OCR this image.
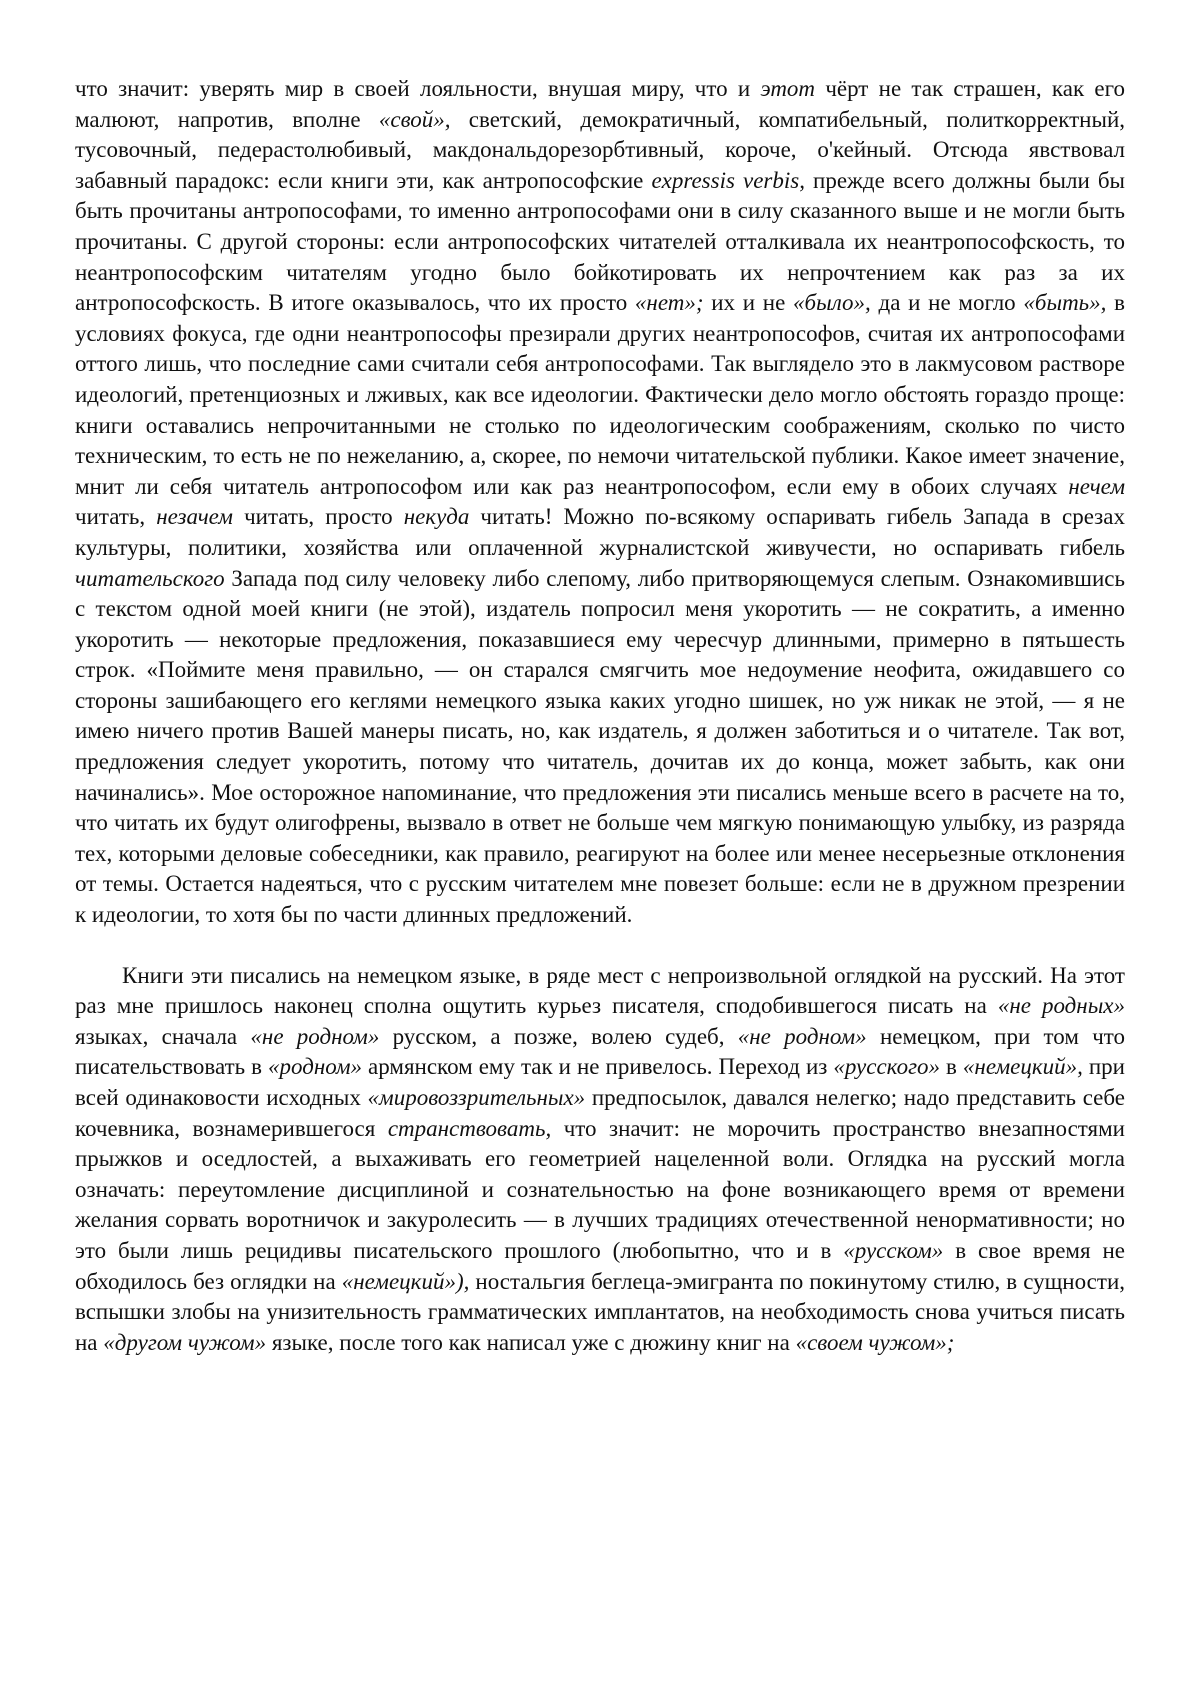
что значит: уверять мир в своей лояльности, внушая миру, что и этот чёрт не так страшен, как его малюют, напротив, вполне «свой», светский, демократичный, компатибельный, политкорректный, тусовочный, педерастолюбивый, макдональдорезорбтивный, короче, о'кейный. Отсюда явствовал забавный парадокс: если книги эти, как антропософские expressis verbis, прежде всего должны были бы быть прочитаны антропософами, то именно антропософами они в силу сказанного выше и не могли быть прочитаны. С другой стороны: если антропософских читателей отталкивала их неантропософскость, то неантропософским читателям угодно было бойкотировать их непрочтением как раз за их антропософскость. В итоге оказывалось, что их просто «нет»; их и не «было», да и не могло «быть», в условиях фокуса, где одни неантропософы презирали других неантропософов, считая их антропософами оттого лишь, что последние сами считали себя антропософами. Так выглядело это в лакмусовом растворе идеологий, претенциозных и лживых, как все идеологии. Фактически дело могло обстоять гораздо проще: книги оставались непрочитанными не столько по идеологическим соображениям, сколько по чисто техническим, то есть не по нежеланию, а, скорее, по немочи читательской публики. Какое имеет значение, мнит ли себя читатель антропософом или как раз неантропософом, если ему в обоих случаях нечем читать, незачем читать, просто некуда читать! Можно по-всякому оспаривать гибель Запада в срезах культуры, политики, хозяйства или оплаченной журналистской живучести, но оспаривать гибель читательского Запада под силу человеку либо слепому, либо притворяющемуся слепым. Ознакомившись с текстом одной моей книги (не этой), издатель попросил меня укоротить — не сократить, а именно укоротить — некоторые предложения, показавшиеся ему чересчур длинными, примерно в пятьшесть строк. «Поймите меня правильно, — он старался смягчить мое недоумение неофита, ожидавшего со стороны зашибающего его кеглями немецкого языка каких угодно шишек, но уж никак не этой, — я не имею ничего против Вашей манеры писать, но, как издатель, я должен заботиться и о читателе. Так вот, предложения следует укоротить, потому что читатель, дочитав их до конца, может забыть, как они начинались». Мое осторожное напоминание, что предложения эти писались меньше всего в расчете на то, что читать их будут олигофрены, вызвало в ответ не больше чем мягкую понимающую улыбку, из разряда тех, которыми деловые собеседники, как правило, реагируют на более или менее несерьезные отклонения от темы. Остается надеяться, что с русским читателем мне повезет больше: если не в дружном презрении к идеологии, то хотя бы по части длинных предложений.

Книги эти писались на немецком языке, в ряде мест с непроизвольной оглядкой на русский. На этот раз мне пришлось наконец сполна ощутить курьез писателя, сподобившегося писать на «не родных» языках, сначала «не родном» русском, а позже, волею судеб, «не родном» немецком, при том что писательствовать в «родном» армянском ему так и не привелось. Переход из «русского» в «немецкий», при всей одинаковости исходных «мировоззрительных» предпосылок, давался нелегко; надо представить себе кочевника, вознамерившегося странствовать, что значит: не морочить пространство внезапностями прыжков и оседлостей, а выхаживать его геометрией нацеленной воли. Оглядка на русский могла означать: переутомление дисциплиной и сознательностью на фоне возникающего время от времени желания сорвать воротничок и закуролесить — в лучших традициях отечественной ненормативности; но это были лишь рецидивы писательского прошлого (любопытно, что и в «русском» в свое время не обходилось без оглядки на «немецкий»), ностальгия беглеца-эмигранта по покинутому стилю, в сущности, вспышки злобы на унизительность грамматических имплантатов, на необходимость снова учиться писать на «другом чужом» языке, после того как написал уже с дюжину книг на «своем чужом»;
